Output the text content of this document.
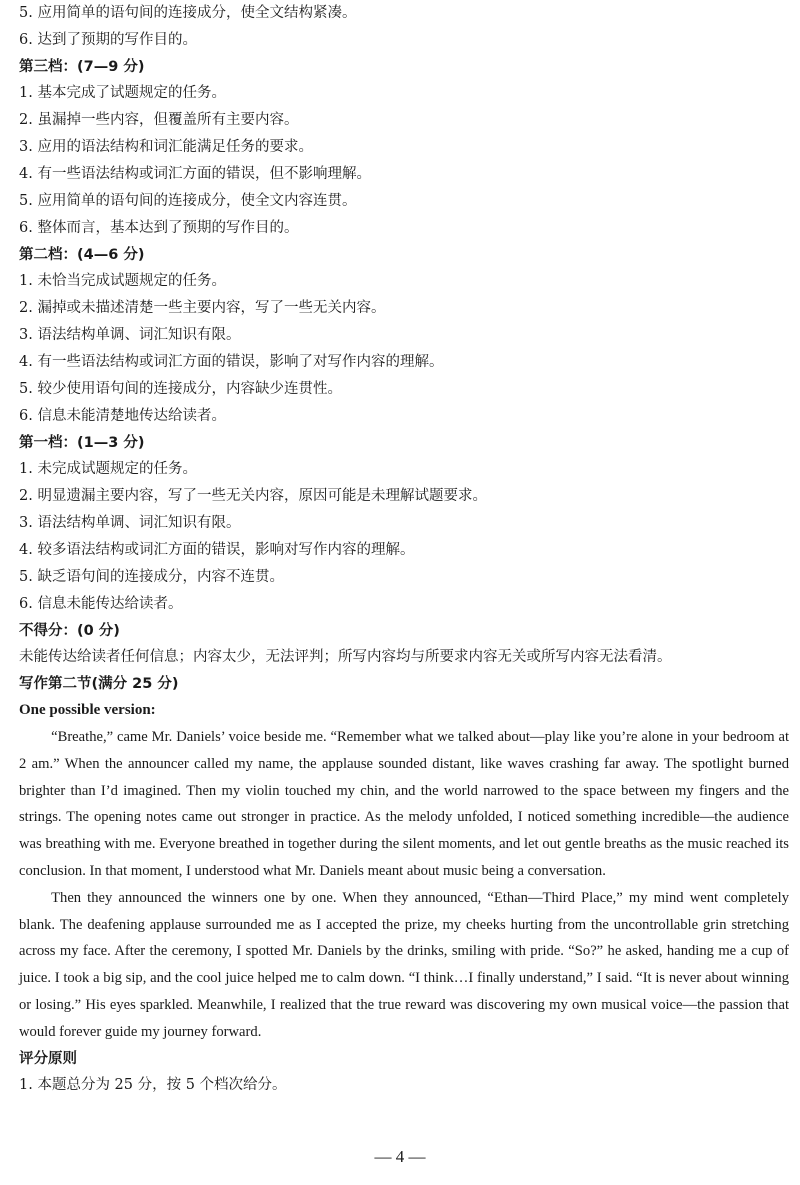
5. 应用简单的语句间的连接成分，使全文结构紧凑。
6. 达到了预期的写作目的。
第三档：(7—9 分)
1. 基本完成了试题规定的任务。
2. 虽漏掉一些内容，但覆盖所有主要内容。
3. 应用的语法结构和词汇能满足任务的要求。
4. 有一些语法结构或词汇方面的错误，但不影响理解。
5. 应用简单的语句间的连接成分，使全文内容连贯。
6. 整体而言，基本达到了预期的写作目的。
第二档：(4—6 分)
1. 未恰当完成试题规定的任务。
2. 漏掉或未描述清楚一些主要内容，写了一些无关内容。
3. 语法结构单调、词汇知识有限。
4. 有一些语法结构或词汇方面的错误，影响了对写作内容的理解。
5. 较少使用语句间的连接成分，内容缺少连贯性。
6. 信息未能清楚地传达给读者。
第一档：(1—3 分)
1. 未完成试题规定的任务。
2. 明显遗漏主要内容，写了一些无关内容，原因可能是未理解试题要求。
3. 语法结构单调、词汇知识有限。
4. 较多语法结构或词汇方面的错误，影响对写作内容的理解。
5. 缺乏语句间的连接成分，内容不连贯。
6. 信息未能传达给读者。
不得分：(0 分)
未能传达给读者任何信息；内容太少，无法评判；所写内容均与所要求内容无关或所写内容无法看清。
写作第二节(满分 25 分)
One possible version:

“Breathe,” came Mr. Daniels’ voice beside me. “Remember what we talked about—play like you’re alone in your bedroom at 2 am.” When the announcer called my name, the applause sounded distant, like waves crashing far away. The spotlight burned brighter than I’d imagined. Then my violin touched my chin, and the world narrowed to the space between my fingers and the strings. The opening notes came out stronger in practice. As the melody unfolded, I noticed something incredible—the audience was breathing with me. Everyone breathed in together during the silent moments, and let out gentle breaths as the music reached its conclusion. In that moment, I understood what Mr. Daniels meant about music being a conversation.

Then they announced the winners one by one. When they announced, “Ethan—Third Place,” my mind went completely blank. The deafening applause surrounded me as I accepted the prize, my cheeks hurting from the uncontrollable grin stretching across my face. After the ceremony, I spotted Mr. Daniels by the drinks, smiling with pride. “So?” he asked, handing me a cup of juice. I took a big sip, and the cool juice helped me to calm down. “I think…I finally understand,” I said. “It is never about winning or losing.” His eyes sparkled. Meanwhile, I realized that the true reward was discovering my own musical voice—the passion that would forever guide my journey forward.

评分原则
1. 本题总分为 25 分，按 5 个档次给分。
— 4 —
